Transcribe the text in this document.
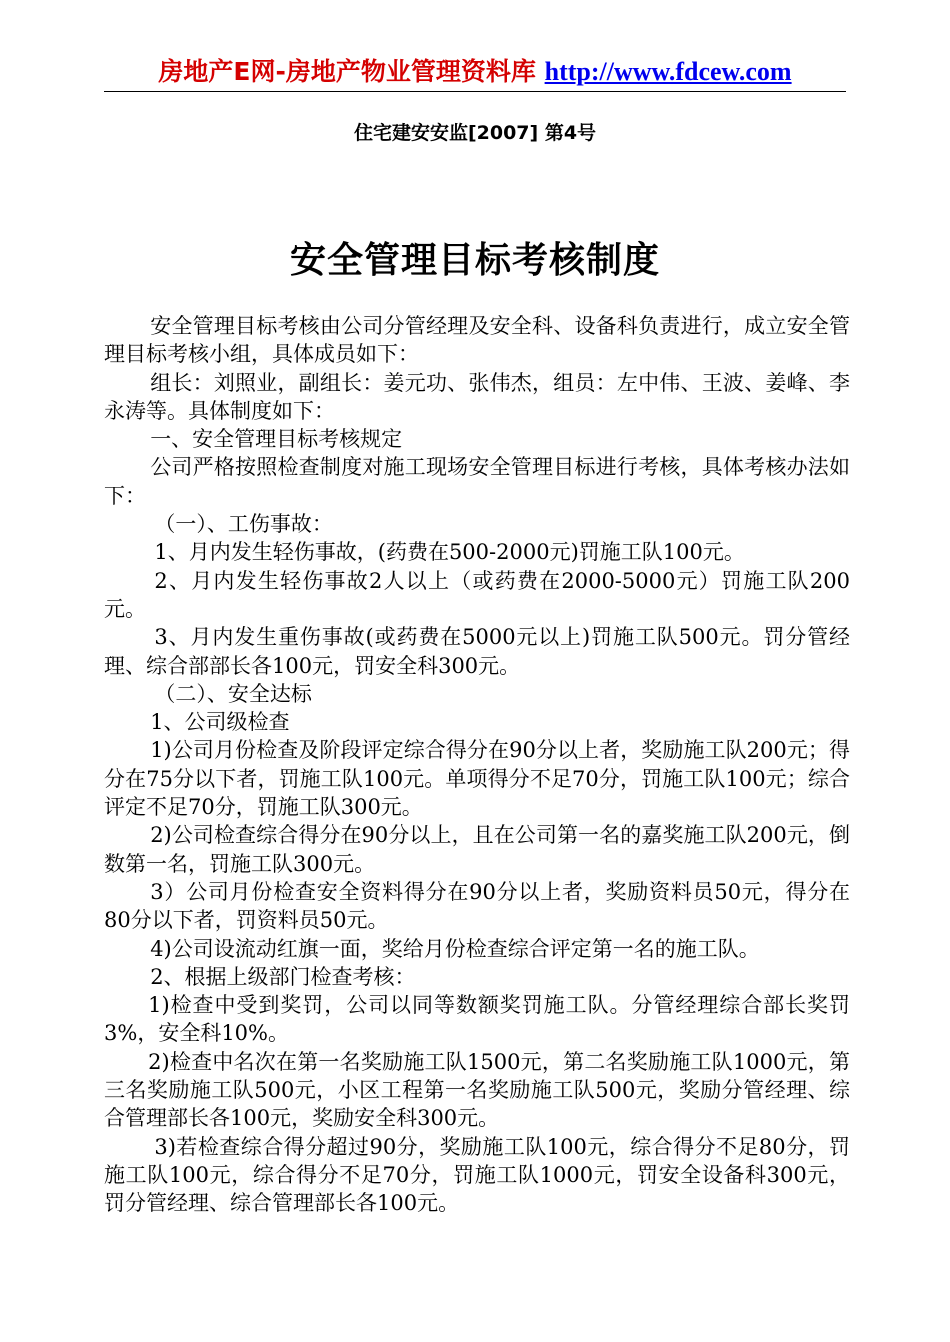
房地产E网-房地产物业管理资料库 http://www.fdcew.com
住宅建安安监[2007] 第4号
安全管理目标考核制度

安全管理目标考核由公司分管经理及安全科、设备科负责进行，成立安全管理目标考核小组，具体成员如下：

组长：刘照业，副组长：姜元功、张伟杰，组员：左中伟、王波、姜峰、李永涛等。具体制度如下：

一、安全管理目标考核规定

公司严格按照检查制度对施工现场安全管理目标进行考核，具体考核办法如下：

（一）、工伤事故：

1、月内发生轻伤事故，(药费在500-2000元)罚施工队100元。

2、月内发生轻伤事故2人以上（或药费在2000-5000元）罚施工队200元。

3、月内发生重伤事故(或药费在5000元以上)罚施工队500元。罚分管经理、综合部部长各100元，罚安全科300元。

（二）、安全达标

1、公司级检查

1)公司月份检查及阶段评定综合得分在90分以上者，奖励施工队200元；得分在75分以下者，罚施工队100元。单项得分不足70分，罚施工队100元；综合评定不足70分，罚施工队300元。

2)公司检查综合得分在90分以上，且在公司第一名的嘉奖施工队200元，倒数第一名，罚施工队300元。

3）公司月份检查安全资料得分在90分以上者，奖励资料员50元，得分在80分以下者，罚资料员50元。

4)公司设流动红旗一面，奖给月份检查综合评定第一名的施工队。

2、根据上级部门检查考核：

1)检查中受到奖罚，公司以同等数额奖罚施工队。分管经理综合部长奖罚3%，安全科10%。

2)检查中名次在第一名奖励施工队1500元，第二名奖励施工队1000元，第三名奖励施工队500元，小区工程第一名奖励施工队500元，奖励分管经理、综合管理部长各100元，奖励安全科300元。

3)若检查综合得分超过90分，奖励施工队100元，综合得分不足80分，罚施工队100元，综合得分不足70分，罚施工队1000元，罚安全设备科300元，罚分管经理、综合管理部长各100元。
